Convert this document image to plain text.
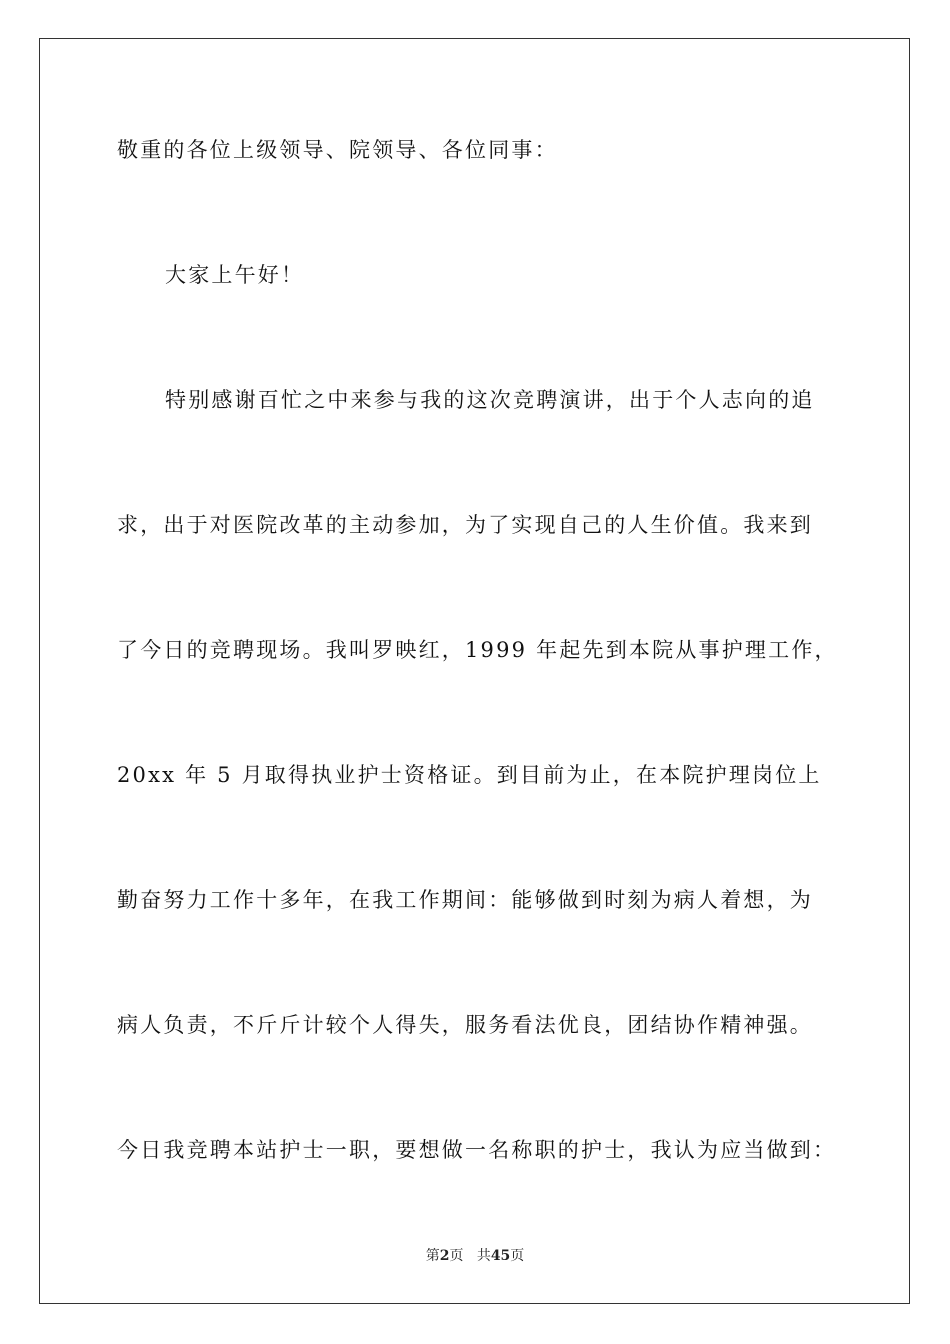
敬重的各位上级领导、院领导、各位同事：
大家上午好！
特别感谢百忙之中来参与我的这次竞聘演讲，出于个人志向的追
求，出于对医院改革的主动参加，为了实现自己的人生价值。我来到
了今日的竞聘现场。我叫罗映红，1999 年起先到本院从事护理工作，
20xx 年 5 月取得执业护士资格证。到目前为止，在本院护理岗位上
勤奋努力工作十多年，在我工作期间：能够做到时刻为病人着想，为
病人负责，不斤斤计较个人得失，服务看法优良，团结协作精神强。
今日我竞聘本站护士一职，要想做一名称职的护士，我认为应当做到：
第2页 共45页
